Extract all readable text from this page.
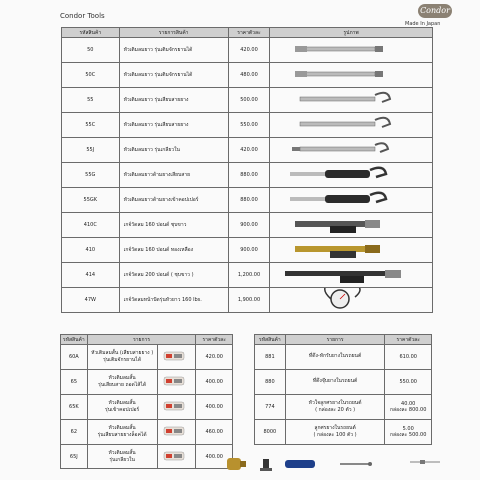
Condor Tools
Condor
Made In Japan
รหัสสินค้า	รายการสินค้า	ราคาตัวละ	รูปภาพ
50	หัวเติมลมยาว รุ่นเติมจักรยานได้	420.00	
50C	หัวเติมลมยาว รุ่นเติมจักรยานได้	480.00	
55	หัวเติมลมยาว รุ่นเสียบสายยาง	500.00	
55C	หัวเติมลมยาว รุ่นเสียบสายยาง	550.00	
55J	หัวเติมลมยาว รุ่นเกลียวใน	420.00	
55G	หัวเติมลมยาวด้ามยางเสียบสาย	880.00	
55GK	หัวเติมลมยาวด้ามยางเข้าคอปเปอร์	880.00	
410C	เกจ์วัดลม 160 ปอนด์ ชุบขาว	900.00	
410	เกจ์วัดลม 160 ปอนด์ ทองเหลือง	900.00	
414	เกจ์วัดลม 200 ปอนด์ ( ชุบขาว )	1,200.00	
47W	เกจ์วัดลมหน้าปัดรุ่นหัวยาว 160 lbs.	1,900.00	
รหัสสินค้า	รายการ		ราคาตัวละ
60A	หัวเติมลมสั้น (เสียบสายยาง )
รุ่นเติมจักรยานได้		420.00
65	หัวเติมลมสั้น
รุ่นเสียบสาย ถอดไส้ได้		400.00
65K	หัวเติมลมสั้น
รุ่นเข้าคอปเปอร์		400.00
62	หัวเติมลมสั้น
รุ่นเสียบสายยางล็อคได้		460.00
65J	หัวเติมลมสั้น
รุ่นเกลียวใน		400.00
รหัสสินค้า	รายการ	ราคาตัวละ
881	ที่ดึง-ทักรับยางในรถยนต์	610.00

880	ที่ดึงจุ๊บยางในรถยนต์	550.00

774	หัวใจลูกศรยางในรถยนต์
( กล่องละ 20 ตัว )	40.00
กล่องละ 800.00

8000	ลูกศรยางในรถยนต์
( กล่องละ 100 ตัว )	5.00
กล่องละ 500.00
